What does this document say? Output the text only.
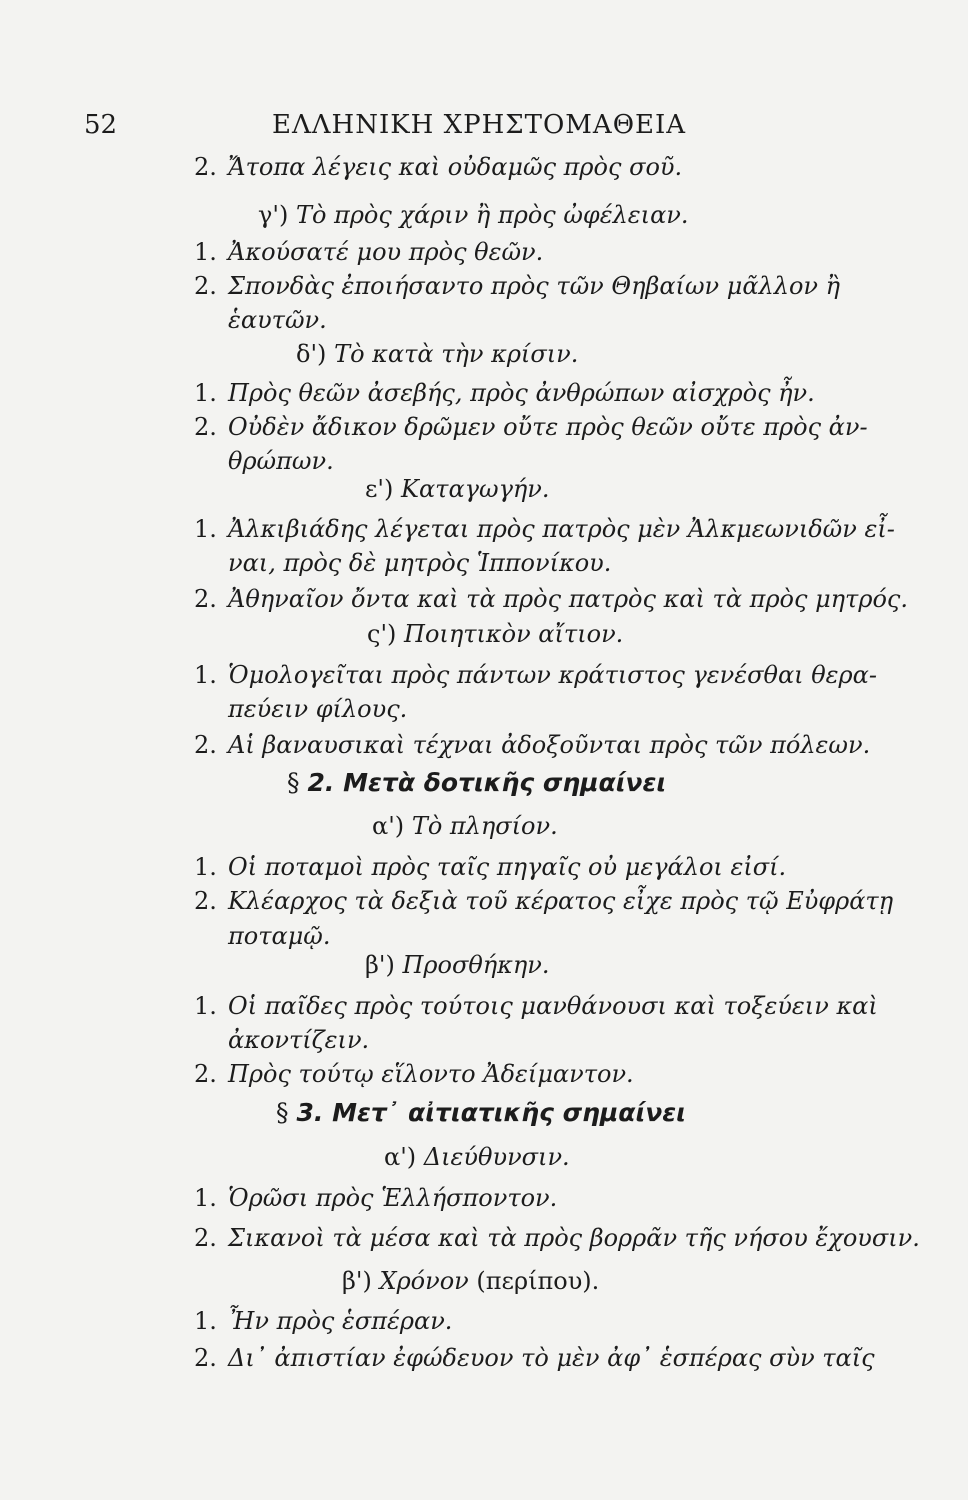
52	ΕΛΛΗΝΙΚΗ ΧΡΗΣΤΟΜΑΘΕΙΑ
2. Ἄτοπα λέγεις καὶ οὐδαμῶς πρὸς σοῦ.
γ') Τὸ πρὸς χάριν ἢ πρὸς ὠφέλειαν.
1. Ἀκούσατέ μου πρὸς θεῶν.
2. Σπονδὰς ἐποιήσαντο πρὸς τῶν Θηβαίων μᾶλλον ἢ
ἑαυτῶν.
δ') Τὸ κατὰ τὴν κρίσιν.
1. Πρὸς θεῶν ἀσεβής, πρὸς ἀνθρώπων αἰσχρὸς ἦν.
2. Οὐδὲν ἄδικον δρῶμεν οὔτε πρὸς θεῶν οὔτε πρὸς ἀν-
θρώπων.
ε') Καταγωγήν.
1. Ἀλκιβιάδης λέγεται πρὸς πατρὸς μὲν Ἀλκμεωνιδῶν εἶ-
ναι, πρὸς δὲ μητρὸς Ἱππονίκου.
2. Ἀθηναῖον ὄντα καὶ τὰ πρὸς πατρὸς καὶ τὰ πρὸς μητρός.
ς') Ποιητικὸν αἴτιον.
1. Ὁμολογεῖται πρὸς πάντων κράτιστος γενέσθαι θερα-
πεύειν φίλους.
2. Αἱ βαναυσικαὶ τέχναι ἀδοξοῦνται πρὸς τῶν πόλεων.
§ 2. Μετὰ δοτικῆς σημαίνει
α') Τὸ πλησίον.
1. Οἱ ποταμοὶ πρὸς ταῖς πηγαῖς οὐ μεγάλοι εἰσί.
2. Κλέαρχος τὰ δεξιὰ τοῦ κέρατος εἶχε πρὸς τῷ Εὐφράτῃ
ποταμῷ.
β') Προσθήκην.
1. Οἱ παῖδες πρὸς τούτοις μανθάνουσι καὶ τοξεύειν καὶ
ἀκοντίζειν.
2. Πρὸς τούτῳ εἵλοντο Ἀδείμαντον.
§ 3. Μετ᾽ αἰτιατικῆς σημαίνει
α') Διεύθυνσιν.
1. Ὁρῶσι πρὸς Ἑλλήσποντον.
2. Σικανοὶ τὰ μέσα καὶ τὰ πρὸς βορρᾶν τῆς νήσου ἔχουσιν.
β') Χρόνον (περίπου).
1. Ἦν πρὸς ἑσπέραν.
2. Δι᾽ ἀπιστίαν ἐφώδευον τὸ μὲν ἀφ᾽ ἑσπέρας σὺν ταῖς
